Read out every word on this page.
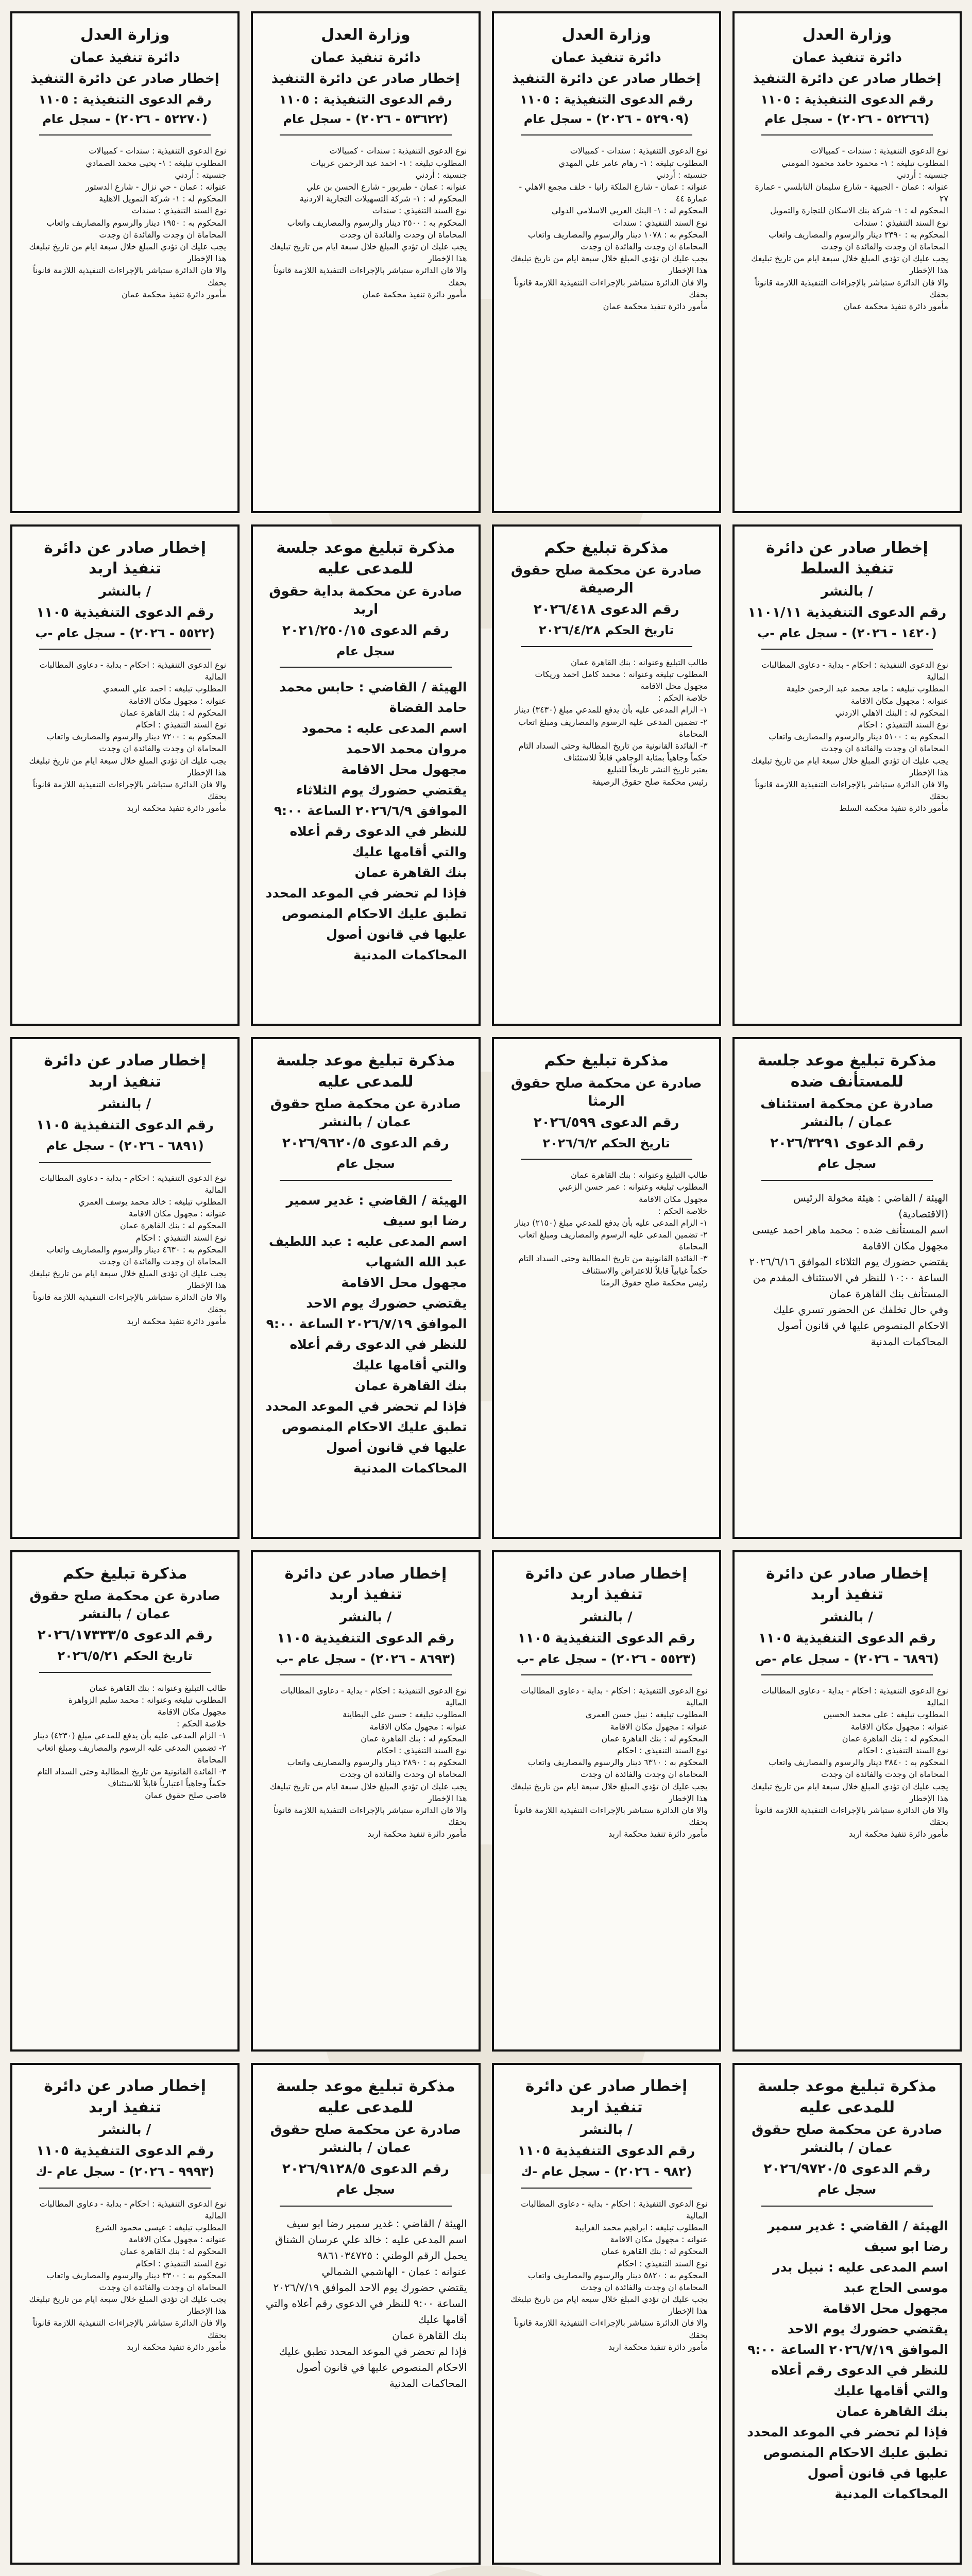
وزارة العدل
دائرة تنفيذ عمان
إخطار صادر عن دائرة التنفيذ
رقم الدعوى التنفيذية : ١١٠٥
(٥٢٢٦٦ - ٢٠٢٦) - سجل عام
نوع الدعوى التنفيذية : سندات - كمبيالات
المطلوب تبليغه : ١- محمود حامد محمود المومني
جنسيته : أردني
عنوانه : عمان - الجبيهة - شارع سليمان النابلسي - عمارة ٢٧
المحكوم له : ١- شركة بنك الاسكان للتجارة والتمويل
نوع السند التنفيذي : سندات
المحكوم به : ٢٣٩٠ دينار والرسوم والمصاريف واتعاب المحاماة ان وجدت والفائدة ان وجدت
يجب عليك ان تؤدي المبلغ خلال سبعة ايام من تاريخ تبليغك هذا الإخطار
والا فان الدائرة ستباشر بالإجراءات التنفيذية اللازمة قانوناً بحقك
مأمور دائرة تنفيذ محكمة عمان
وزارة العدل
دائرة تنفيذ عمان
إخطار صادر عن دائرة التنفيذ
رقم الدعوى التنفيذية : ١١٠٥
(٥٢٩٠٩ - ٢٠٢٦) - سجل عام
نوع الدعوى التنفيذية : سندات - كمبيالات
المطلوب تبليغه : ١- رهام عامر علي المهدي
جنسيته : أردني
عنوانه : عمان - شارع الملكة رانيا - خلف مجمع الاهلي - عمارة ٤٤
المحكوم له : ١- البنك العربي الاسلامي الدولي
نوع السند التنفيذي : سندات
المحكوم به : ١٠٧٨ دينار والرسوم والمصاريف واتعاب المحاماة ان وجدت والفائدة ان وجدت
يجب عليك ان تؤدي المبلغ خلال سبعة ايام من تاريخ تبليغك هذا الإخطار
والا فان الدائرة ستباشر بالإجراءات التنفيذية اللازمة قانوناً بحقك
مأمور دائرة تنفيذ محكمة عمان
وزارة العدل
دائرة تنفيذ عمان
إخطار صادر عن دائرة التنفيذ
رقم الدعوى التنفيذية : ١١٠٥
(٥٣٦٢٢ - ٢٠٢٦) - سجل عام
نوع الدعوى التنفيذية : سندات - كمبيالات
المطلوب تبليغه : ١- احمد عبد الرحمن عربيات
جنسيته : أردني
عنوانه : عمان - طبربور - شارع الحسن بن علي
المحكوم له : ١- شركة التسهيلات التجارية الاردنية
نوع السند التنفيذي : سندات
المحكوم به : ٢٥٠٠ دينار والرسوم والمصاريف واتعاب المحاماة ان وجدت والفائدة ان وجدت
يجب عليك ان تؤدي المبلغ خلال سبعة ايام من تاريخ تبليغك هذا الإخطار
والا فان الدائرة ستباشر بالإجراءات التنفيذية اللازمة قانوناً بحقك
مأمور دائرة تنفيذ محكمة عمان
وزارة العدل
دائرة تنفيذ عمان
إخطار صادر عن دائرة التنفيذ
رقم الدعوى التنفيذية : ١١٠٥
(٥٢٢٧٠ - ٢٠٢٦) - سجل عام
نوع الدعوى التنفيذية : سندات - كمبيالات
المطلوب تبليغه : ١- يحيى محمد الصمادي
جنسيته : أردني
عنوانه : عمان - حي نزال - شارع الدستور
المحكوم له : ١- شركة التمويل الاهلية
نوع السند التنفيذي : سندات
المحكوم به : ١٩٥٠ دينار والرسوم والمصاريف واتعاب المحاماة ان وجدت والفائدة ان وجدت
يجب عليك ان تؤدي المبلغ خلال سبعة ايام من تاريخ تبليغك هذا الإخطار
والا فان الدائرة ستباشر بالإجراءات التنفيذية اللازمة قانوناً بحقك
مأمور دائرة تنفيذ محكمة عمان
إخطار صادر عن دائرة تنفيذ السلط
/ بالنشر
رقم الدعوى التنفيذية ١١٠١/١١
(١٤٢٠ - ٢٠٢٦) - سجل عام -ب
نوع الدعوى التنفيذية : احكام - بداية - دعاوى المطالبات المالية
المطلوب تبليغه : ماجد محمد عبد الرحمن خليفة
عنوانه : مجهول مكان الاقامة
المحكوم له : البنك الاهلي الاردني
نوع السند التنفيذي : احكام
المحكوم به : ٥١٠٠ دينار والرسوم والمصاريف واتعاب المحاماة ان وجدت والفائدة ان وجدت
يجب عليك ان تؤدي المبلغ خلال سبعة ايام من تاريخ تبليغك هذا الإخطار
والا فان الدائرة ستباشر بالإجراءات التنفيذية اللازمة قانوناً بحقك
مأمور دائرة تنفيذ محكمة السلط
مذكرة تبليغ حكم
صادرة عن محكمة صلح حقوق الرصيفة
رقم الدعوى ٢٠٢٦/٤١٨
تاريخ الحكم ٢٠٢٦/٤/٢٨
طالب التبليغ وعنوانه : بنك القاهرة عمان
المطلوب تبليغه وعنوانه : محمد كامل احمد وريكات
مجهول محل الاقامة
خلاصة الحكم :
١- الزام المدعى عليه بأن يدفع للمدعي مبلغ (٣٤٣٠) دينار
٢- تضمين المدعى عليه الرسوم والمصاريف ومبلغ اتعاب المحاماة
٣- الفائدة القانونية من تاريخ المطالبة وحتى السداد التام
حكماً وجاهياً بمثابة الوجاهي قابلاً للاستئناف
يعتبر تاريخ النشر تاريخاً للتبليغ
رئيس محكمة صلح حقوق الرصيفة
مذكرة تبليغ موعد جلسة للمدعى عليه
صادرة عن محكمة بداية حقوق اربد
رقم الدعوى ٢٠٢١/٢٥٠/١٥
سجل عام
الهيئة / القاضي : حابس محمد حامد القضاة
اسم المدعى عليه : محمود مروان محمد الاحمد
مجهول محل الاقامة
يقتضي حضورك يوم الثلاثاء الموافق ٢٠٢٦/٦/٩ الساعة ٩:٠٠ للنظر في الدعوى رقم أعلاه والتي أقامها عليك
بنك القاهرة عمان
فإذا لم تحضر في الموعد المحدد تطبق عليك الاحكام المنصوص عليها في قانون أصول المحاكمات المدنية
إخطار صادر عن دائرة تنفيذ اربد
/ بالنشر
رقم الدعوى التنفيذية ١١٠٥
(٥٥٢٢ - ٢٠٢٦) - سجل عام -ب
نوع الدعوى التنفيذية : احكام - بداية - دعاوى المطالبات المالية
المطلوب تبليغه : احمد علي السعدي
عنوانه : مجهول مكان الاقامة
المحكوم له : بنك القاهرة عمان
نوع السند التنفيذي : احكام
المحكوم به : ٧٢٠٠ دينار والرسوم والمصاريف واتعاب المحاماة ان وجدت والفائدة ان وجدت
يجب عليك ان تؤدي المبلغ خلال سبعة ايام من تاريخ تبليغك هذا الإخطار
والا فان الدائرة ستباشر بالإجراءات التنفيذية اللازمة قانوناً بحقك
مأمور دائرة تنفيذ محكمة اربد
مذكرة تبليغ موعد جلسة للمستأنف ضده
صادرة عن محكمة استئناف عمان / بالنشر
رقم الدعوى ٢٠٢٦/٣٢٩١
سجل عام
الهيئة / القاضي : هيئة مخولة الرئيس (الاقتصادية)
اسم المستأنف ضده : محمد ماهر احمد عيسى
مجهول مكان الاقامة
يقتضي حضورك يوم الثلاثاء الموافق ٢٠٢٦/٦/١٦ الساعة ١٠:٠٠ للنظر في الاستئناف المقدم من المستأنف بنك القاهرة عمان
وفي حال تخلفك عن الحضور تسري عليك الاحكام المنصوص عليها في قانون أصول المحاكمات المدنية
مذكرة تبليغ حكم
صادرة عن محكمة صلح حقوق الرمثا
رقم الدعوى ٢٠٢٦/٥٩٩
تاريخ الحكم ٢٠٢٦/٦/٢
طالب التبليغ وعنوانه : بنك القاهرة عمان
المطلوب تبليغه وعنوانه : عمر حسن الزعبي
مجهول مكان الاقامة
خلاصة الحكم :
١- الزام المدعى عليه بأن يدفع للمدعي مبلغ (٢١٥٠) دينار
٢- تضمين المدعى عليه الرسوم والمصاريف ومبلغ اتعاب المحاماة
٣- الفائدة القانونية من تاريخ المطالبة وحتى السداد التام
حكماً غيابياً قابلاً للاعتراض والاستئناف
رئيس محكمة صلح حقوق الرمثا
مذكرة تبليغ موعد جلسة للمدعى عليه
صادرة عن محكمة صلح حقوق عمان / بالنشر
رقم الدعوى ٢٠٢٦/٩٦٢٠/٥
سجل عام
الهيئة / القاضي : غدير سمير رضا ابو سيف
اسم المدعى عليه : عبد اللطيف عبد الله الشهاب
مجهول محل الاقامة
يقتضي حضورك يوم الاحد الموافق ٢٠٢٦/٧/١٩ الساعة ٩:٠٠ للنظر في الدعوى رقم أعلاه والتي أقامها عليك
بنك القاهرة عمان
فإذا لم تحضر في الموعد المحدد تطبق عليك الاحكام المنصوص عليها في قانون أصول المحاكمات المدنية
إخطار صادر عن دائرة تنفيذ اربد
/ بالنشر
رقم الدعوى التنفيذية ١١٠٥
(٦٨٩١ - ٢٠٢٦) - سجل عام
نوع الدعوى التنفيذية : احكام - بداية - دعاوى المطالبات المالية
المطلوب تبليغه : خالد محمد يوسف العمري
عنوانه : مجهول مكان الاقامة
المحكوم له : بنك القاهرة عمان
نوع السند التنفيذي : احكام
المحكوم به : ٤٦٣٠ دينار والرسوم والمصاريف واتعاب المحاماة ان وجدت والفائدة ان وجدت
يجب عليك ان تؤدي المبلغ خلال سبعة ايام من تاريخ تبليغك هذا الإخطار
والا فان الدائرة ستباشر بالإجراءات التنفيذية اللازمة قانوناً بحقك
مأمور دائرة تنفيذ محكمة اربد
إخطار صادر عن دائرة تنفيذ اربد
/ بالنشر
رقم الدعوى التنفيذية ١١٠٥
(٦٨٩٦ - ٢٠٢٦) - سجل عام -ص
نوع الدعوى التنفيذية : احكام - بداية - دعاوى المطالبات المالية
المطلوب تبليغه : علي محمد الحسين
عنوانه : مجهول مكان الاقامة
المحكوم له : بنك القاهرة عمان
نوع السند التنفيذي : احكام
المحكوم به : ٣٨٤٠ دينار والرسوم والمصاريف واتعاب المحاماة ان وجدت والفائدة ان وجدت
يجب عليك ان تؤدي المبلغ خلال سبعة ايام من تاريخ تبليغك هذا الإخطار
والا فان الدائرة ستباشر بالإجراءات التنفيذية اللازمة قانوناً بحقك
مأمور دائرة تنفيذ محكمة اربد
إخطار صادر عن دائرة تنفيذ اربد
/ بالنشر
رقم الدعوى التنفيذية ١١٠٥
(٥٥٢٣ - ٢٠٢٦) - سجل عام -ب
نوع الدعوى التنفيذية : احكام - بداية - دعاوى المطالبات المالية
المطلوب تبليغه : نبيل حسن العمري
عنوانه : مجهول مكان الاقامة
المحكوم له : بنك القاهرة عمان
نوع السند التنفيذي : احكام
المحكوم به : ٦٣١٠ دينار والرسوم والمصاريف واتعاب المحاماة ان وجدت والفائدة ان وجدت
يجب عليك ان تؤدي المبلغ خلال سبعة ايام من تاريخ تبليغك هذا الإخطار
والا فان الدائرة ستباشر بالإجراءات التنفيذية اللازمة قانوناً بحقك
مأمور دائرة تنفيذ محكمة اربد
إخطار صادر عن دائرة تنفيذ اربد
/ بالنشر
رقم الدعوى التنفيذية ١١٠٥
(٨٦٩٣ - ٢٠٢٦) - سجل عام -ب
نوع الدعوى التنفيذية : احكام - بداية - دعاوى المطالبات المالية
المطلوب تبليغه : حسن علي البطاينة
عنوانه : مجهول مكان الاقامة
المحكوم له : بنك القاهرة عمان
نوع السند التنفيذي : احكام
المحكوم به : ٢٨٩٠ دينار والرسوم والمصاريف واتعاب المحاماة ان وجدت والفائدة ان وجدت
يجب عليك ان تؤدي المبلغ خلال سبعة ايام من تاريخ تبليغك هذا الإخطار
والا فان الدائرة ستباشر بالإجراءات التنفيذية اللازمة قانوناً بحقك
مأمور دائرة تنفيذ محكمة اربد
مذكرة تبليغ حكم
صادرة عن محكمة صلح حقوق عمان / بالنشر
رقم الدعوى ٢٠٢٦/١٧٣٣٣/٥
تاريخ الحكم ٢٠٢٦/٥/٢١
طالب التبليغ وعنوانه : بنك القاهرة عمان
المطلوب تبليغه وعنوانه : محمد سليم الزواهرة
مجهول مكان الاقامة
خلاصة الحكم :
١- الزام المدعى عليه بأن يدفع للمدعي مبلغ (٤٢٣٠) دينار
٢- تضمين المدعى عليه الرسوم والمصاريف ومبلغ اتعاب المحاماة
٣- الفائدة القانونية من تاريخ المطالبة وحتى السداد التام
حكماً وجاهياً اعتبارياً قابلاً للاستئناف
قاضي صلح حقوق عمان
مذكرة تبليغ موعد جلسة للمدعى عليه
صادرة عن محكمة صلح حقوق عمان / بالنشر
رقم الدعوى ٢٠٢٦/٩٧٢٠/٥
سجل عام
الهيئة / القاضي : غدير سمير رضا ابو سيف
اسم المدعى عليه : نبيل بدر موسى الحاج عبد
مجهول محل الاقامة
يقتضي حضورك يوم الاحد الموافق ٢٠٢٦/٧/١٩ الساعة ٩:٠٠ للنظر في الدعوى رقم أعلاه والتي أقامها عليك
بنك القاهرة عمان
فإذا لم تحضر في الموعد المحدد تطبق عليك الاحكام المنصوص عليها في قانون أصول المحاكمات المدنية
إخطار صادر عن دائرة تنفيذ اربد
/ بالنشر
رقم الدعوى التنفيذية ١١٠٥
(٩٨٢ - ٢٠٢٦) - سجل عام -ك
نوع الدعوى التنفيذية : احكام - بداية - دعاوى المطالبات المالية
المطلوب تبليغه : ابراهيم محمد الغرايبة
عنوانه : مجهول مكان الاقامة
المحكوم له : بنك القاهرة عمان
نوع السند التنفيذي : احكام
المحكوم به : ٥٨٢٠ دينار والرسوم والمصاريف واتعاب المحاماة ان وجدت والفائدة ان وجدت
يجب عليك ان تؤدي المبلغ خلال سبعة ايام من تاريخ تبليغك هذا الإخطار
والا فان الدائرة ستباشر بالإجراءات التنفيذية اللازمة قانوناً بحقك
مأمور دائرة تنفيذ محكمة اربد
مذكرة تبليغ موعد جلسة للمدعى عليه
صادرة عن محكمة صلح حقوق عمان / بالنشر
رقم الدعوى ٢٠٢٦/٩١٢٨/٥
سجل عام
الهيئة / القاضي : غدير سمير رضا ابو سيف
اسم المدعى عليه : خالد علي عرسان الشناق
يحمل الرقم الوطني : ٩٨٦١٠٣٤٧٢٥
عنوانه : عمان - الهاشمي الشمالي
يقتضي حضورك يوم الاحد الموافق ٢٠٢٦/٧/١٩ الساعة ٩:٠٠ للنظر في الدعوى رقم أعلاه والتي أقامها عليك
بنك القاهرة عمان
فإذا لم تحضر في الموعد المحدد تطبق عليك الاحكام المنصوص عليها في قانون أصول المحاكمات المدنية
إخطار صادر عن دائرة تنفيذ اربد
/ بالنشر
رقم الدعوى التنفيذية ١١٠٥
(٩٩٩٣ - ٢٠٢٦) - سجل عام -ك
نوع الدعوى التنفيذية : احكام - بداية - دعاوى المطالبات المالية
المطلوب تبليغه : عيسى محمود الشرع
عنوانه : مجهول مكان الاقامة
المحكوم له : بنك القاهرة عمان
نوع السند التنفيذي : احكام
المحكوم به : ٣٣٠٠ دينار والرسوم والمصاريف واتعاب المحاماة ان وجدت والفائدة ان وجدت
يجب عليك ان تؤدي المبلغ خلال سبعة ايام من تاريخ تبليغك هذا الإخطار
والا فان الدائرة ستباشر بالإجراءات التنفيذية اللازمة قانوناً بحقك
مأمور دائرة تنفيذ محكمة اربد
